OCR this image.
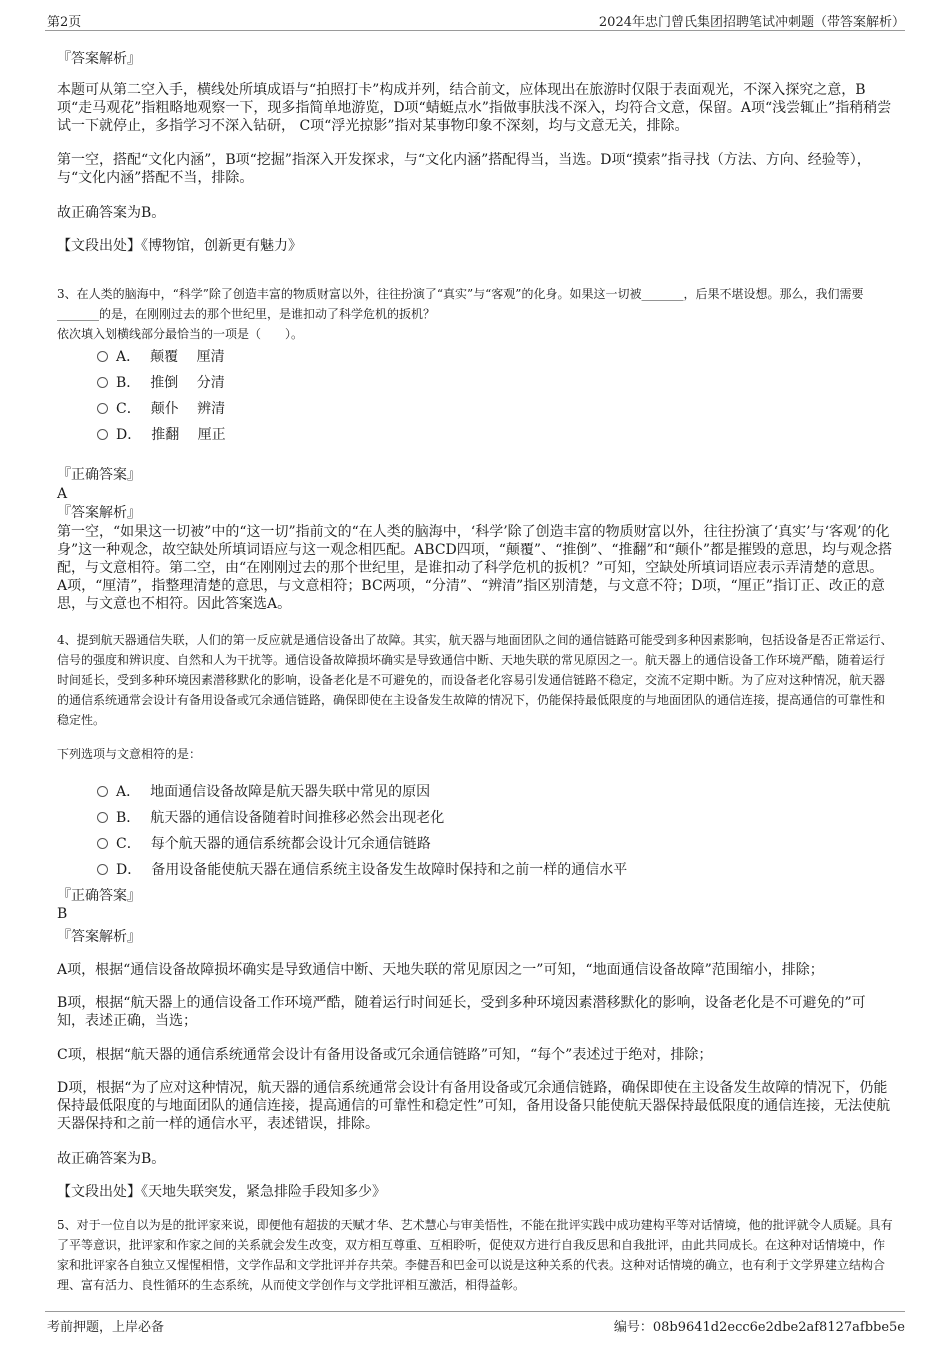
第2页	2024年忠门曾氏集团招聘笔试冲刺题（带答案解析）
『答案解析』
本题可从第二空入手，横线处所填成语与“拍照打卡”构成并列，结合前文，应体现出在旅游时仅限于表面观光，不深入探究之意，B项“走马观花”指粗略地观察一下，现多指简单地游览，D项“蜻蜓点水”指做事肤浅不深入，均符合文意，保留。A项“浅尝辄止”指稍稍尝试一下就停止，多指学习不深入钻研， C项“浮光掠影”指对某事物印象不深刻，均与文意无关，排除。
第一空，搭配“文化内涵”，B项“挖掘”指深入开发探求，与“文化内涵”搭配得当，当选。D项“摸索”指寻找（方法、方向、经验等），与“文化内涵”搭配不当，排除。
故正确答案为B。
【文段出处】《博物馆，创新更有魅力》
3、在人类的脑海中，“科学”除了创造丰富的物质财富以外，往往扮演了“真实”与“客观”的化身。如果这一切被_______，后果不堪设想。那么，我们需要_______的是，在刚刚过去的那个世纪里，是谁扣动了科学危机的扳机？
依次填入划横线部分最恰当的一项是（　　）。
A． 颠覆　 厘清
B． 推倒　 分清
C． 颠仆　 辨清
D． 推翻　 厘正
『正确答案』
A
『答案解析』
第一空，“如果这一切被”中的“这一切”指前文的“在人类的脑海中，‘科学’除了创造丰富的物质财富以外，往往扮演了‘真实’与‘客观’的化身”这一种观念，故空缺处所填词语应与这一观念相匹配。ABCD四项，“颠覆”、“推倒”、“推翻”和“颠仆”都是摧毁的意思，均与观念搭配，与文意相符。第二空，由“在刚刚过去的那个世纪里，是谁扣动了科学危机的扳机？”可知，空缺处所填词语应表示弄清楚的意思。A项，“厘清”，指整理清楚的意思，与文意相符；BC两项，“分清”、“辨清”指区别清楚，与文意不符；D项，“厘正”指订正、改正的意思，与文意也不相符。因此答案选A。
4、提到航天器通信失联，人们的第一反应就是通信设备出了故障。其实，航天器与地面团队之间的通信链路可能受到多种因素影响，包括设备是否正常运行、信号的强度和辨识度、自然和人为干扰等。通信设备故障损坏确实是导致通信中断、天地失联的常见原因之一。航天器上的通信设备工作环境严酷，随着运行时间延长，受到多种环境因素潜移默化的影响，设备老化是不可避免的，而设备老化容易引发通信链路不稳定，交流不定期中断。为了应对这种情况，航天器的通信系统通常会设计有备用设备或冗余通信链路，确保即使在主设备发生故障的情况下，仍能保持最低限度的与地面团队的通信连接，提高通信的可靠性和稳定性。
下列选项与文意相符的是：
A． 地面通信设备故障是航天器失联中常见的原因
B． 航天器的通信设备随着时间推移必然会出现老化
C． 每个航天器的通信系统都会设计冗余通信链路
D． 备用设备能使航天器在通信系统主设备发生故障时保持和之前一样的通信水平
『正确答案』
B
『答案解析』
A项，根据“通信设备故障损坏确实是导致通信中断、天地失联的常见原因之一”可知，“地面通信设备故障”范围缩小，排除；
B项，根据“航天器上的通信设备工作环境严酷，随着运行时间延长，受到多种环境因素潜移默化的影响，设备老化是不可避免的”可知，表述正确，当选；
C项，根据“航天器的通信系统通常会设计有备用设备或冗余通信链路”可知，“每个”表述过于绝对，排除；
D项，根据“为了应对这种情况，航天器的通信系统通常会设计有备用设备或冗余通信链路，确保即使在主设备发生故障的情况下，仍能保持最低限度的与地面团队的通信连接，提高通信的可靠性和稳定性”可知，备用设备只能使航天器保持最低限度的通信连接，无法使航天器保持和之前一样的通信水平，表述错误，排除。
故正确答案为B。
【文段出处】《天地失联突发，紧急排险手段知多少》
5、对于一位自以为是的批评家来说，即便他有超拔的天赋才华、艺术慧心与审美悟性，不能在批评实践中成功建构平等对话情境，他的批评就令人质疑。具有了平等意识，批评家和作家之间的关系就会发生改变，双方相互尊重、互相聆听，促使双方进行自我反思和自我批评，由此共同成长。在这种对话情境中，作家和批评家各自独立又惺惺相惜，文学作品和文学批评并存共荣。李健吾和巴金可以说是这种关系的代表。这种对话情境的确立，也有利于文学界建立结构合理、富有活力、良性循环的生态系统，从而使文学创作与文学批评相互激活，相得益彰。
考前押题，上岸必备	编号：08b9641d2ecc6e2dbe2af8127afbbe5e
